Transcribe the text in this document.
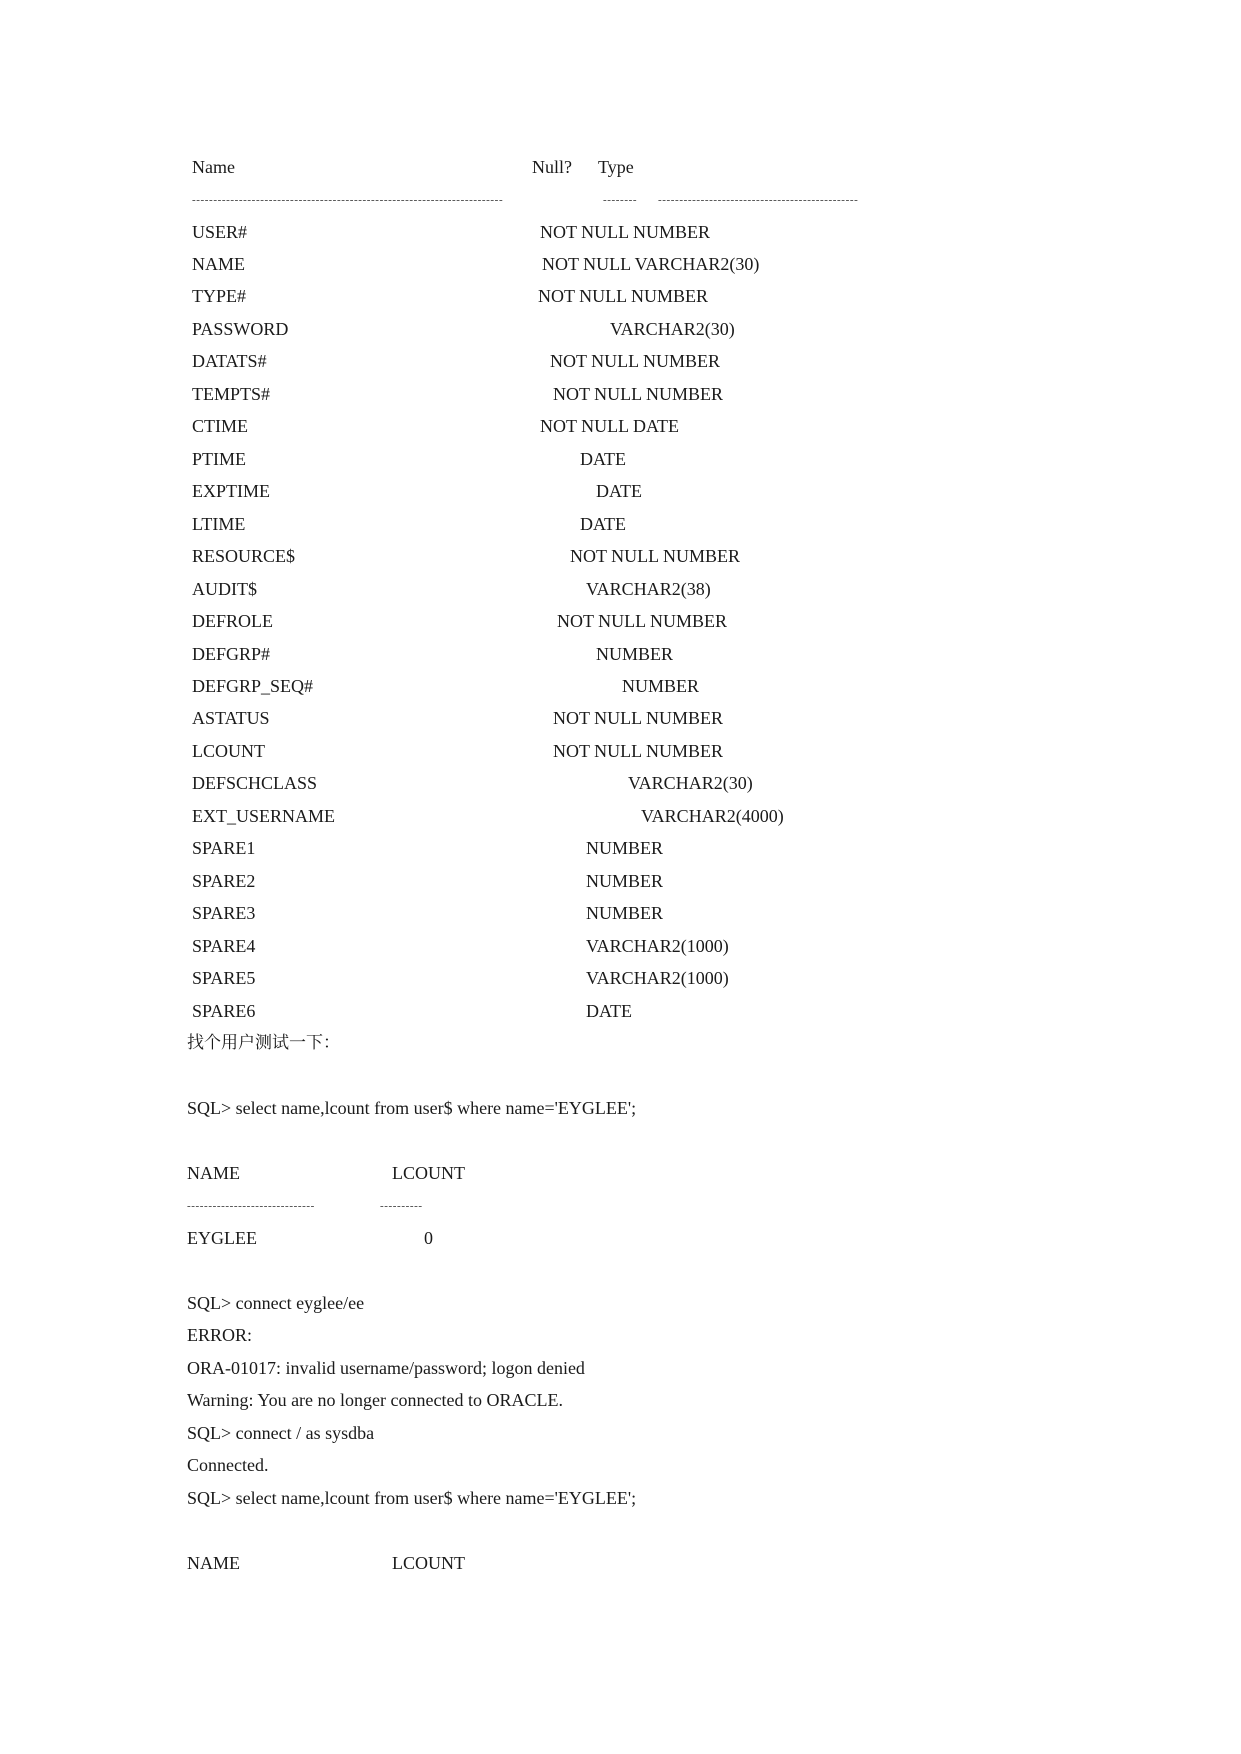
Name	Null? Type
-------------------------------------------------------------------------	-------- -----------------------------------------------
USER#	NOT NULL NUMBER
NAME	NOT NULL VARCHAR2(30)
TYPE#	NOT NULL NUMBER
PASSWORD	VARCHAR2(30)
DATATS#	NOT NULL NUMBER
TEMPTS#	NOT NULL NUMBER
CTIME	NOT NULL DATE
PTIME	DATE
EXPTIME	DATE
LTIME	DATE
RESOURCE$	NOT NULL NUMBER
AUDIT$	VARCHAR2(38)
DEFROLE	NOT NULL NUMBER
DEFGRP#	NUMBER
DEFGRP_SEQ#	NUMBER
ASTATUS	NOT NULL NUMBER
LCOUNT	NOT NULL NUMBER
DEFSCHCLASS	VARCHAR2(30)
EXT_USERNAME	VARCHAR2(4000)
SPARE1	NUMBER
SPARE2	NUMBER
SPARE3	NUMBER
SPARE4	VARCHAR2(1000)
SPARE5	VARCHAR2(1000)
SPARE6	DATE
找个用户测试一下：
SQL> select name,lcount from user$ where name='EYGLEE';
NAME	LCOUNT
------------------------------	----------
EYGLEE	0
SQL> connect eyglee/ee
ERROR:
ORA-01017: invalid username/password; logon denied
Warning: You are no longer connected to ORACLE.
SQL> connect / as sysdba
Connected.
SQL> select name,lcount from user$ where name='EYGLEE';
NAME	LCOUNT
